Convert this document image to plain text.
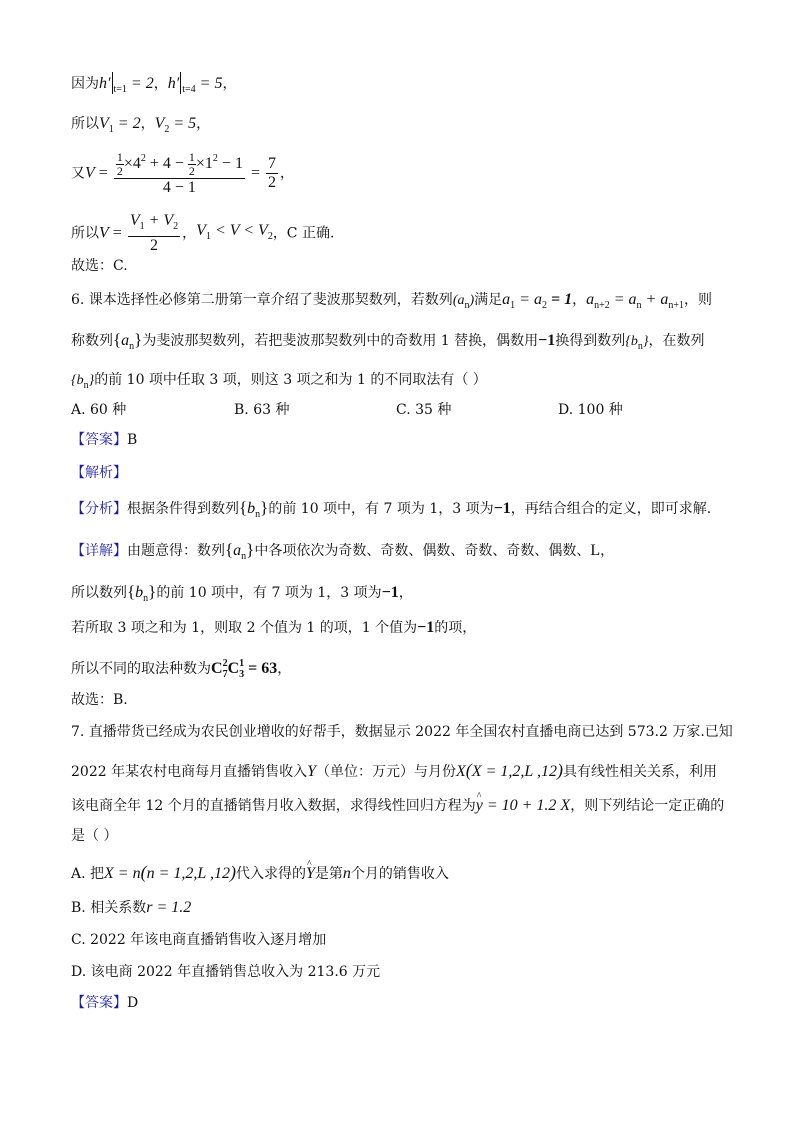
因为h′ $_{t=1}$ = 2，h′ $_{t=4}$ = 5，
所以$V_1 = 2$，$V_2 = 5$，
又$V = \frac{\frac{1}{2} \times 4^2 + 4 - \frac{1}{2} \times 1^2 - 1}{4 - 1} = \frac{7}{2}$ ，
所以$V = \frac{V_1 + V_2}{2}$ ，$V_1 < V < V_2$，C 正确.
故选：C.
6. 课本选择性必修第二册第一章介绍了斐波那契数列，若数列$(a_n)$满足$a_1 = a_2 = 1$，$a_{n+2} = a_n + a_{n+1}$，则
称数列$\{a_n\}$为斐波那契数列，若把斐波那契数列中的奇数用 1 替换，偶数用−1换得到数列$\{b_n\}$，在数列
$\{b_n\}$的前 10 项中任取 3 项，则这 3 项之和为 1 的不同取法有（ ）
A. 60 种	B. 63 种	C. 35 种	D. 100 种
【答案】B
【解析】
【分析】根据条件得到数列$\{b_n\}$的前 10 项中，有 7 项为 1，3 项为−1，再结合组合的定义，即可求解.
【详解】由题意得：数列$\{a_n\}$中各项依次为奇数、奇数、偶数、奇数、奇数、偶数、L，
所以数列$\{b_n\}$的前 10 项中，有 7 项为 1，3 项为−1，
若所取 3 项之和为 1，则取 2 个值为 1 的项，1 个值为−1的项，
所以不同的取法种数为$C_7^2C_3^1 = 63$，
故选：B.
7. 直播带货已经成为农民创业增收的好帮手，数据显示 2022 年全国农村直播电商已达到 573.2 万家.已知
2022 年某农村电商每月直播销售收入Y（单位：万元）与月份X(X = 1,2,L ,12)具有线性相关关系，利用
该电商全年 12 个月的直播销售月收入数据，求得线性回归方程为^ y = 10 + 1.2 X，则下列结论一定正确的
是（ ）
A. 把X = n(n = 1,2,L ,12)代入求得的^ Y是第n个月的销售收入
B. 相关系数r = 1.2
C. 2022 年该电商直播销售收入逐月增加
D. 该电商 2022 年直播销售总收入为 213.6 万元
【答案】D
